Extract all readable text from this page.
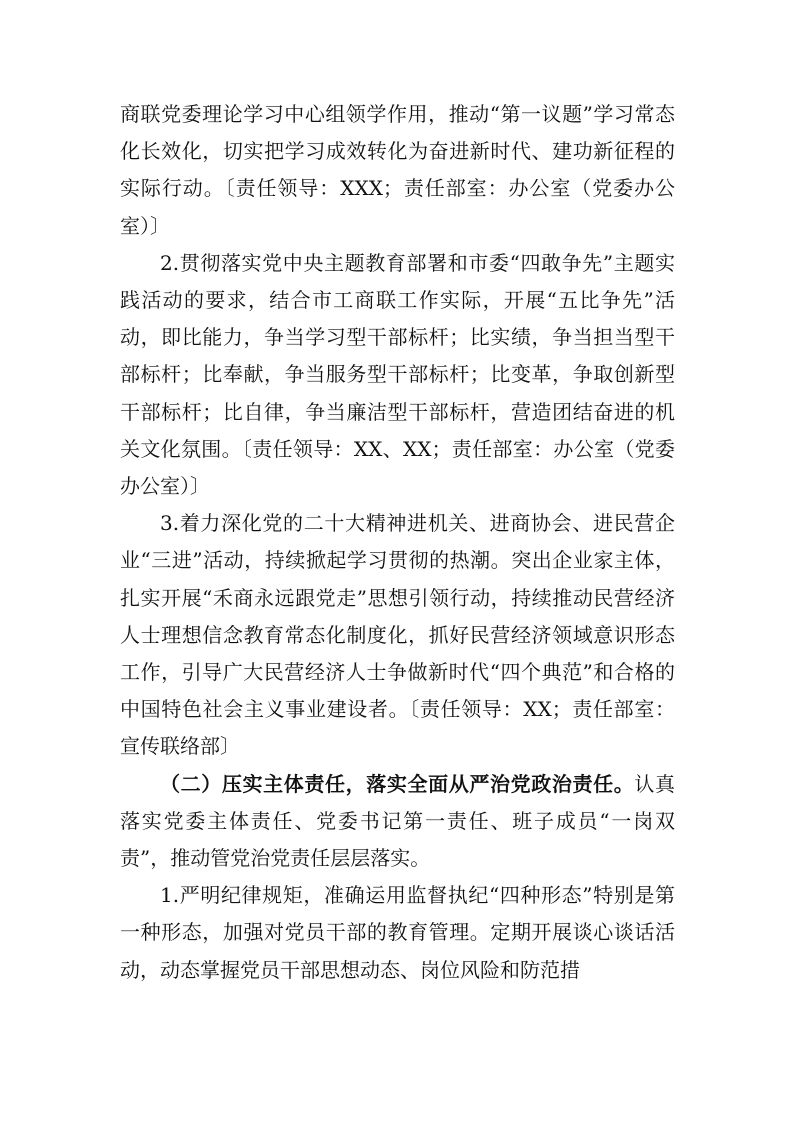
商联党委理论学习中心组领学作用，推动“第一议题”学习常态化长效化，切实把学习成效转化为奋进新时代、建功新征程的实际行动。〔责任领导：XXX；责任部室：办公室（党委办公室）〕

2.贯彻落实党中央主题教育部署和市委“四敢争先”主题实践活动的要求，结合市工商联工作实际，开展“五比争先”活动，即比能力，争当学习型干部标杆；比实绩，争当担当型干部标杆；比奉献，争当服务型干部标杆；比变革，争取创新型干部标杆；比自律，争当廉洁型干部标杆，营造团结奋进的机关文化氛围。〔责任领导：XX、XX；责任部室：办公室（党委办公室）〕

3.着力深化党的二十大精神进机关、进商协会、进民营企业“三进”活动，持续掀起学习贯彻的热潮。突出企业家主体，扎实开展“禾商永远跟党走”思想引领行动，持续推动民营经济人士理想信念教育常态化制度化，抓好民营经济领域意识形态工作，引导广大民营经济人士争做新时代“四个典范”和合格的中国特色社会主义事业建设者。〔责任领导：XX；责任部室：宣传联络部〕

（二）压实主体责任，落实全面从严治党政治责任。认真落实党委主体责任、党委书记第一责任、班子成员“一岗双责”，推动管党治党责任层层落实。

1.严明纪律规矩，准确运用监督执纪“四种形态”特别是第一种形态，加强对党员干部的教育管理。定期开展谈心谈话活动，动态掌握党员干部思想动态、岗位风险和防范措
